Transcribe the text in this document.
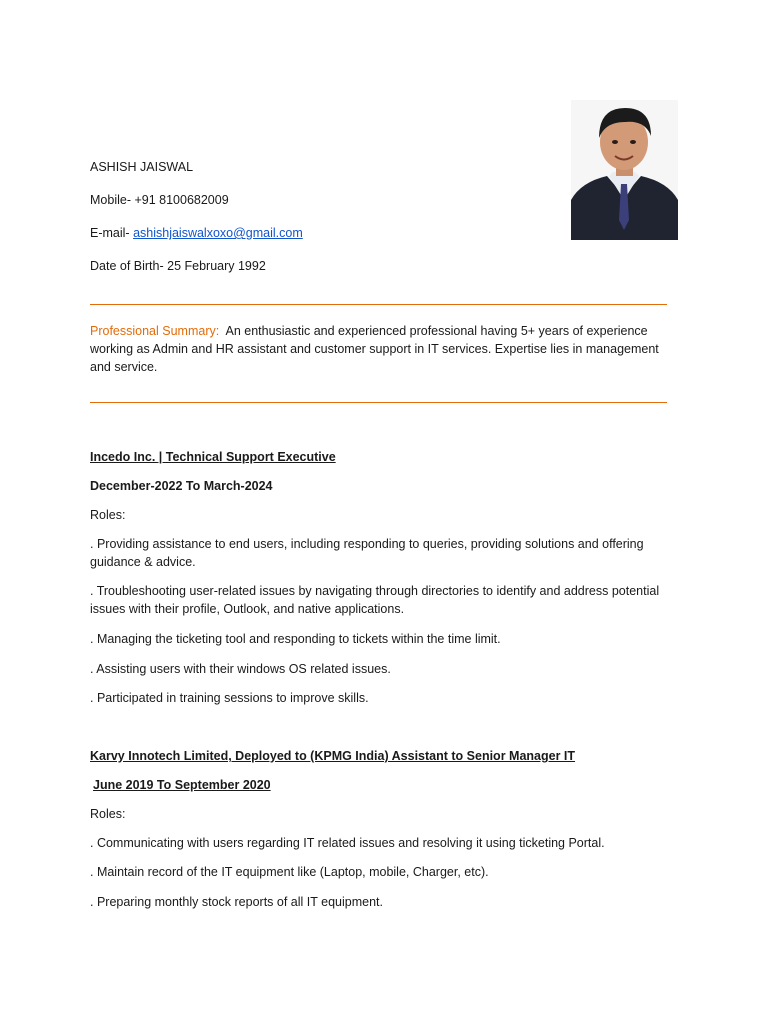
ASHISH JAISWAL
Mobile- +91 8100682009
E-mail- ashishjaiswalxoxo@gmail.com
Date of Birth- 25 February 1992
Professional Summary: An enthusiastic and experienced professional having 5+ years of experience working as Admin and HR assistant and customer support in IT services. Expertise lies in management and service.
Incedo Inc. | Technical Support Executive
December-2022 To March-2024
Roles:
. Providing assistance to end users, including responding to queries, providing solutions and offering guidance & advice.
. Troubleshooting user-related issues by navigating through directories to identify and address potential issues with their profile, Outlook, and native applications.
. Managing the ticketing tool and responding to tickets within the time limit.
. Assisting users with their windows OS related issues.
. Participated in training sessions to improve skills.
Karvy Innotech Limited, Deployed to (KPMG India) Assistant to Senior Manager IT
June 2019 To September 2020
Roles:
. Communicating with users regarding IT related issues and resolving it using ticketing Portal.
. Maintain record of the IT equipment like (Laptop, mobile, Charger, etc).
. Preparing monthly stock reports of all IT equipment.
